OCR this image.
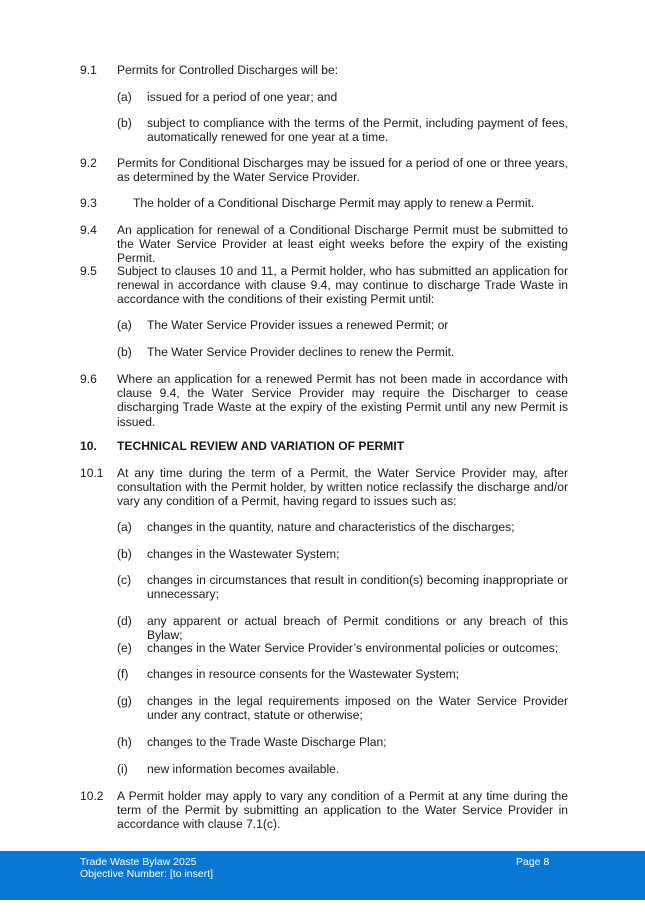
9.1 Permits for Controlled Discharges will be:
(a) issued for a period of one year; and
(b) subject to compliance with the terms of the Permit, including payment of fees, automatically renewed for one year at a time.
9.2 Permits for Conditional Discharges may be issued for a period of one or three years, as determined by the Water Service Provider.
9.3	The holder of a Conditional Discharge Permit may apply to renew a Permit.
9.4 An application for renewal of a Conditional Discharge Permit must be submitted to the Water Service Provider at least eight weeks before the expiry of the existing Permit.
9.5 Subject to clauses 10 and 11, a Permit holder, who has submitted an application for renewal in accordance with clause 9.4, may continue to discharge Trade Waste in accordance with the conditions of their existing Permit until:
(a) The Water Service Provider issues a renewed Permit; or
(b) The Water Service Provider declines to renew the Permit.
9.6 Where an application for a renewed Permit has not been made in accordance with clause 9.4, the Water Service Provider may require the Discharger to cease discharging Trade Waste at the expiry of the existing Permit until any new Permit is issued.
10. TECHNICAL REVIEW AND VARIATION OF PERMIT
10.1 At any time during the term of a Permit, the Water Service Provider may, after consultation with the Permit holder, by written notice reclassify the discharge and/or vary any condition of a Permit, having regard to issues such as:
(a) changes in the quantity, nature and characteristics of the discharges;
(b) changes in the Wastewater System;
(c) changes in circumstances that result in condition(s) becoming inappropriate or unnecessary;
(d) any apparent or actual breach of Permit conditions or any breach of this Bylaw;
(e) changes in the Water Service Provider’s environmental policies or outcomes;
(f) changes in resource consents for the Wastewater System;
(g) changes in the legal requirements imposed on the Water Service Provider under any contract, statute or otherwise;
(h) changes to the Trade Waste Discharge Plan;
(i) new information becomes available.
10.2 A Permit holder may apply to vary any condition of a Permit at any time during the term of the Permit by submitting an application to the Water Service Provider in accordance with clause 7.1(c).
Trade Waste Bylaw 2025
Objective Number: [to insert]
Page 8
